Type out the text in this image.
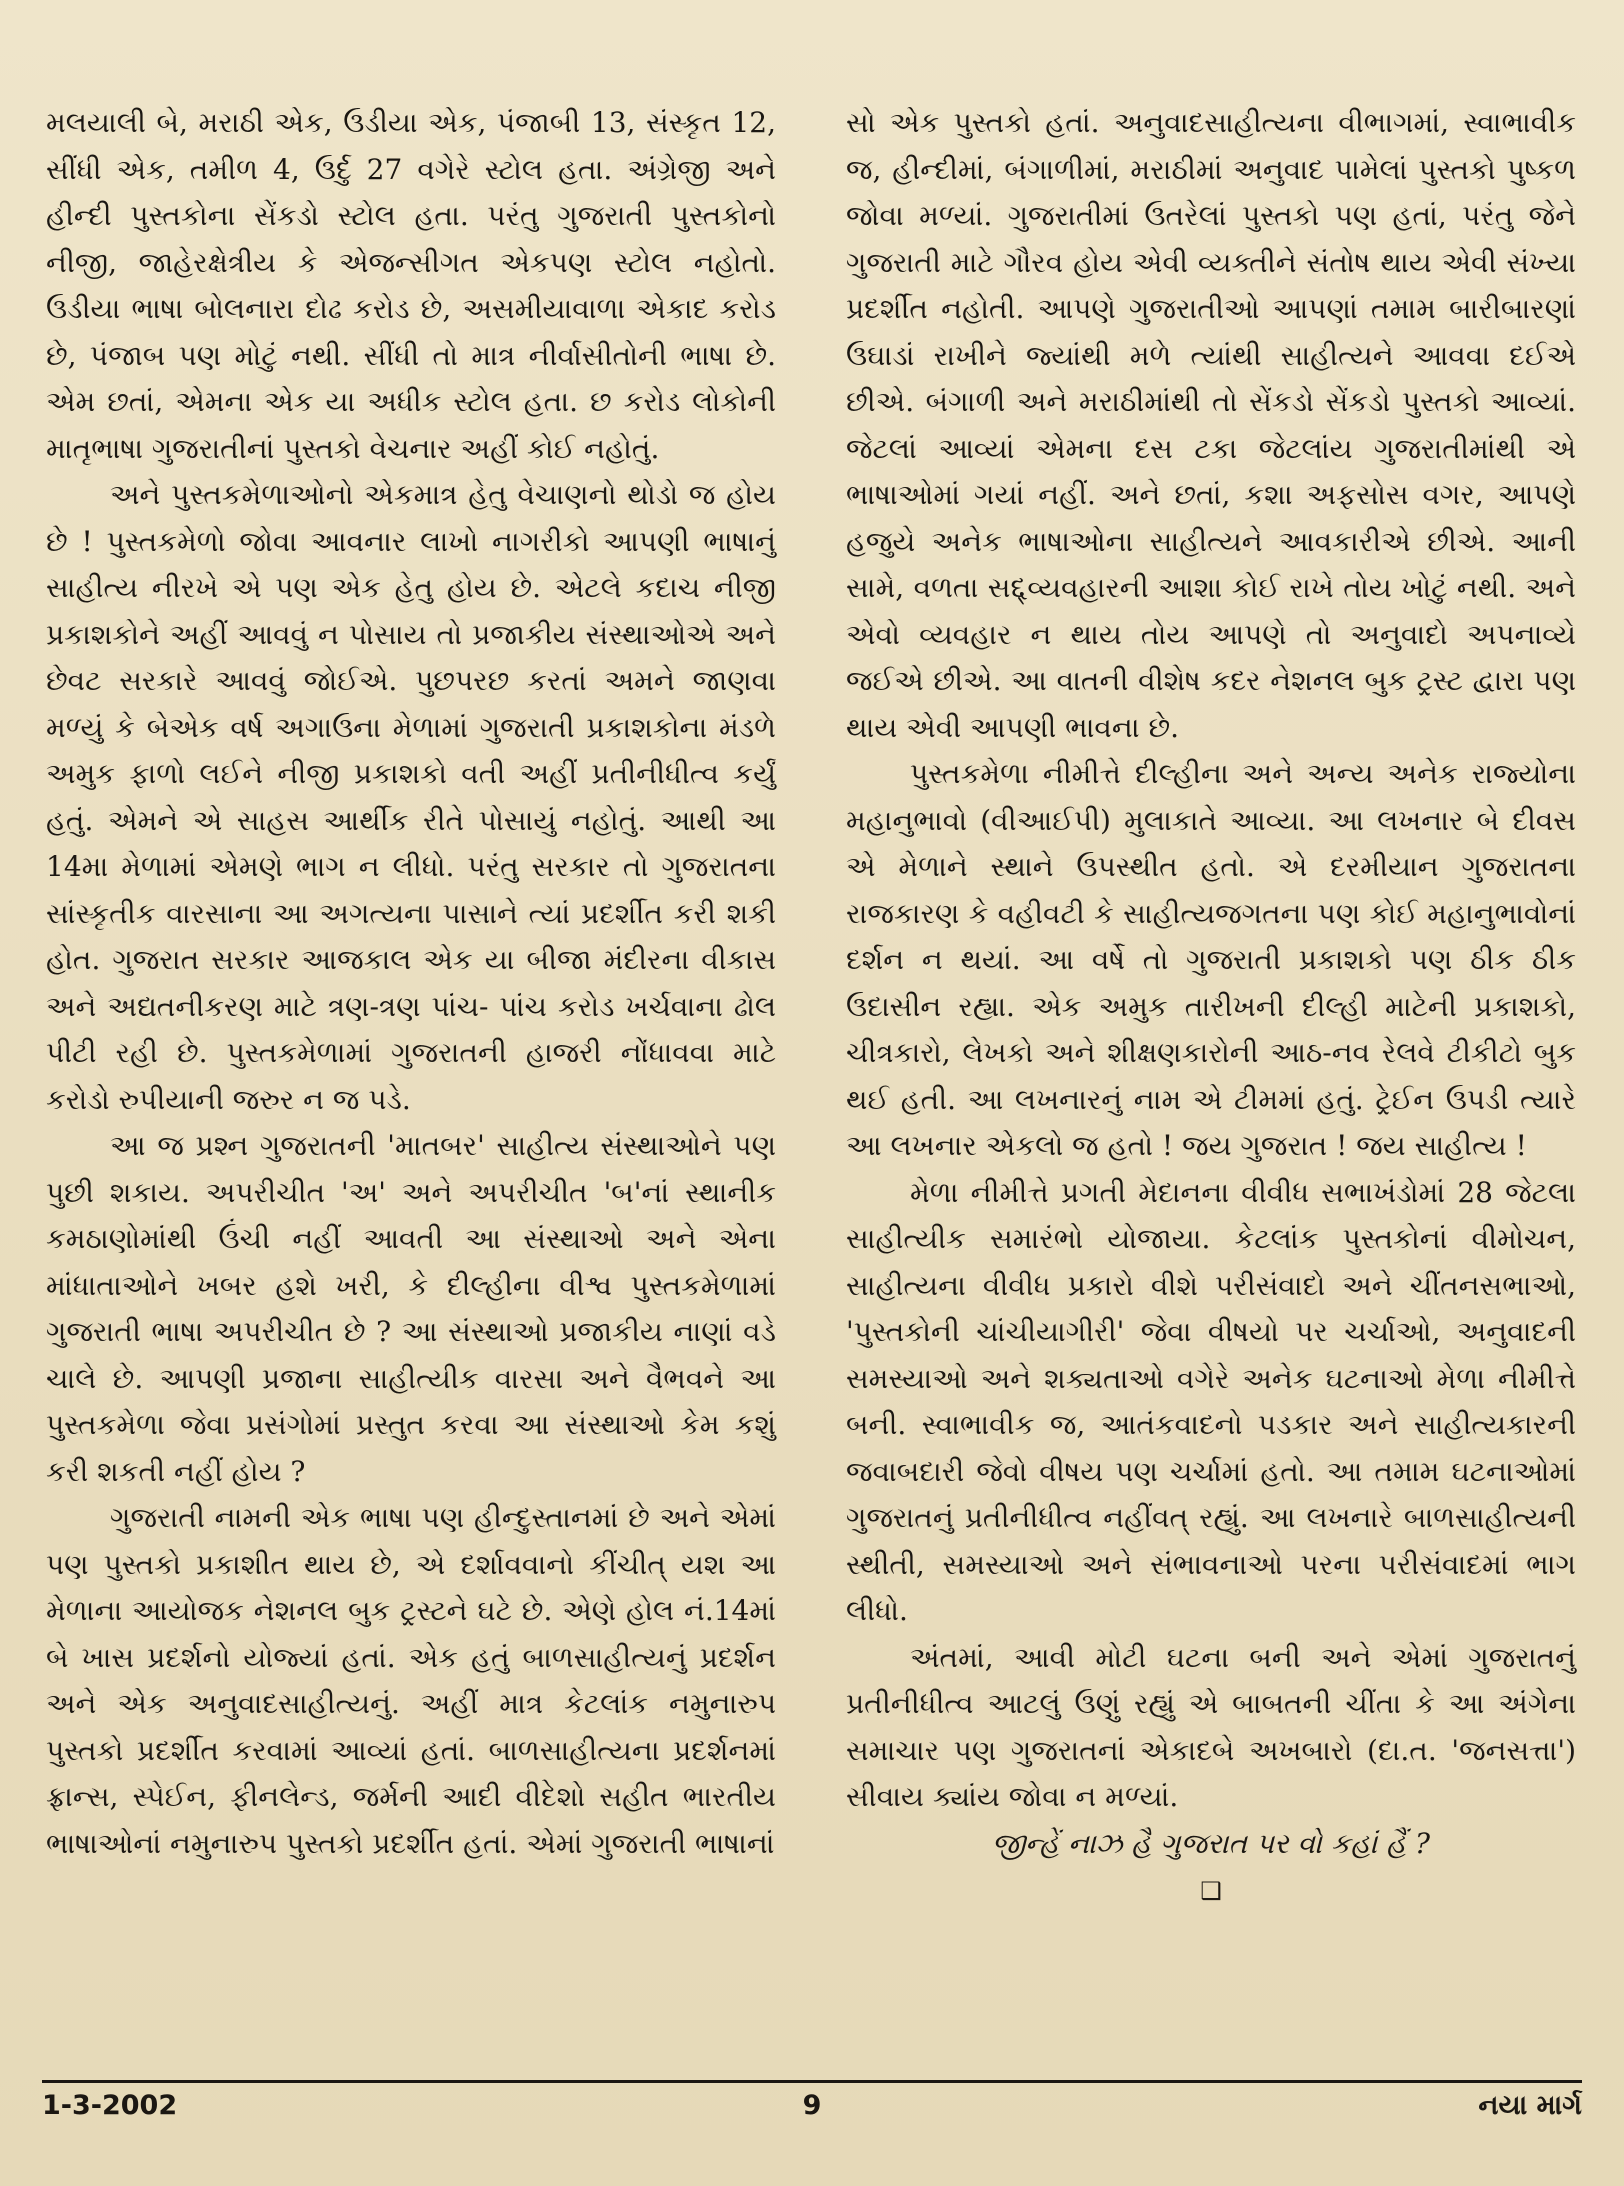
મલયાલી બે, મરાઠી એક, ઉડીયા એક, પંજાબી 13, સંસ્કૃત 12, સીંધી એક, તમીળ 4, ઉર્દુ 27 વગેરે સ્ટોલ હતા. અંગ્રેજી અને હીન્દી પુસ્તકોના સેંકડો સ્ટોલ હતા. પરંતુ ગુજરાતી પુસ્તકોનો નીજી, જાહેરક્ષેત્રીય કે એજન્સીગત એકપણ સ્ટોલ નહોતો. ઉડીયા ભાષા બોલનારા દોઢ કરોડ છે, અસમીયાવાળા એકાદ કરોડ છે, પંજાબ પણ મોટું નથી. સીંધી તો માત્ર નીર્વાસીતોની ભાષા છે. એમ છતાં, એમના એક યા અધીક સ્ટોલ હતા. છ કરોડ લોકોની માતૃભાષા ગુજરાતીનાં પુસ્તકો વેચનાર અહીં કોઈ નહોતું.

અને પુસ્તકમેળાઓનો એકમાત્ર હેતુ વેચાણનો થોડો જ હોય છે ! પુસ્તકમેળો જોવા આવનાર લાખો નાગરીકો આપણી ભાષાનું સાહીત્ય નીરખે એ પણ એક હેતુ હોય છે. એટલે કદાચ નીજી પ્રકાશકોને અહીં આવવું ન પોસાય તો પ્રજાકીય સંસ્થાઓએ અને છેવટ સરકારે આવવું જોઈએ. પુછપરછ કરતાં અમને જાણવા મળ્યું કે બેએક વર્ષ અગાઉના મેળામાં ગુજરાતી પ્રકાશકોના મંડળે અમુક ફાળો લઈને નીજી પ્રકાશકો વતી અહીં પ્રતીનીધીત્વ કર્યું હતું. એમને એ સાહસ આર્થીક રીતે પોસાયું નહોતું. આથી આ 14મા મેળામાં એમણે ભાગ ન લીધો. પરંતુ સરકાર તો ગુજરાતના સાંસ્કૃતીક વારસાના આ અગત્યના પાસાને ત્યાં પ્રદર્શીત કરી શકી હોત. ગુજરાત સરકાર આજકાલ એક યા બીજા મંદીરના વીકાસ અને અદ્યતનીકરણ માટે ત્રણ-ત્રણ પાંચ- પાંચ કરોડ ખર્ચવાના ઢોલ પીટી રહી છે. પુસ્તકમેળામાં ગુજરાતની હાજરી નોંધાવવા માટે કરોડો રુપીયાની જરુર ન જ પડે.

આ જ પ્રશ્ન ગુજરાતની 'માતબર' સાહીત્ય સંસ્થાઓને પણ પુછી શકાય. અપરીચીત 'અ' અને અપરીચીત 'બ'નાં સ્થાનીક કમઠાણોમાંથી ઉંચી નહીં આવતી આ સંસ્થાઓ અને એના માંધાતાઓને ખબર હશે ખરી, કે દીલ્હીના વીશ્વ પુસ્તકમેળામાં ગુજરાતી ભાષા અપરીચીત છે ? આ સંસ્થાઓ પ્રજાકીય નાણાં વડે ચાલે છે. આપણી પ્રજાના સાહીત્યીક વારસા અને વૈભવને આ પુસ્તકમેળા જેવા પ્રસંગોમાં પ્રસ્તુત કરવા આ સંસ્થાઓ કેમ કશું કરી શકતી નહીં હોય ?

ગુજરાતી નામની એક ભાષા પણ હીન્દુસ્તાનમાં છે અને એમાં પણ પુસ્તકો પ્રકાશીત થાય છે, એ દર્શાવવાનો કીંચીત્ યશ આ મેળાના આયોજક નેશનલ બુક ટ્રસ્ટને ઘટે છે. એણે હોલ નં.14માં બે ખાસ પ્રદર્શનો યોજ્યાં હતાં. એક હતું બાળસાહીત્યનું પ્રદર્શન અને એક અનુવાદસાહીત્યનું. અહીં માત્ર કેટલાંક નમુનારુપ પુસ્તકો પ્રદર્શીત કરવામાં આવ્યાં હતાં. બાળસાહીત્યના પ્રદર્શનમાં ફ્રાન્સ, સ્પેઈન, ફીનલેન્ડ, જર્મની આદી વીદેશો સહીત ભારતીય ભાષાઓનાં નમુનારુપ પુસ્તકો પ્રદર્શીત હતાં. એમાં ગુજરાતી ભાષાનાં

સો એક પુસ્તકો હતાં. અનુવાદસાહીત્યના વીભાગમાં, સ્વાભાવીક જ, હીન્દીમાં, બંગાળીમાં, મરાઠીમાં અનુવાદ પામેલાં પુસ્તકો પુષ્કળ જોવા મળ્યાં. ગુજરાતીમાં ઉતરેલાં પુસ્તકો પણ હતાં, પરંતુ જેને ગુજરાતી માટે ગૌરવ હોય એવી વ્યક્તીને સંતોષ થાય એવી સંખ્યા પ્રદર્શીત નહોતી. આપણે ગુજરાતીઓ આપણાં તમામ બારીબારણાં ઉઘાડાં રાખીને જ્યાંથી મળે ત્યાંથી સાહીત્યને આવવા દઈએ છીએ. બંગાળી અને મરાઠીમાંથી તો સેંકડો સેંકડો પુસ્તકો આવ્યાં. જેટલાં આવ્યાં એમના દસ ટકા જેટલાંય ગુજરાતીમાંથી એ ભાષાઓમાં ગયાં નહીં. અને છતાં, કશા અફસોસ વગર, આપણે હજુયે અનેક ભાષાઓના સાહીત્યને આવકારીએ છીએ. આની સામે, વળતા સદ્દ્વ્યવહારની આશા કોઈ રાખે તોય ખોટું નથી. અને એવો વ્યવહાર ન થાય તોય આપણે તો અનુવાદો અપનાવ્યે જઈએ છીએ. આ વાતની વીશેષ કદર નેશનલ બુક ટ્રસ્ટ દ્વારા પણ થાય એવી આપણી ભાવના છે.

પુસ્તકમેળા નીમીત્તે દીલ્હીના અને અન્ય અનેક રાજ્યોના મહાનુભાવો (વીઆઈપી) મુલાકાતે આવ્યા. આ લખનાર બે દીવસ એ મેળાને સ્થાને ઉપસ્થીત હતો. એ દરમીયાન ગુજરાતના રાજકારણ કે વહીવટી કે સાહીત્યજગતના પણ કોઈ મહાનુભાવોનાં દર્શન ન થયાં. આ વર્ષે તો ગુજરાતી પ્રકાશકો પણ ઠીક ઠીક ઉદાસીન રહ્યા. એક અમુક તારીખની દીલ્હી માટેની પ્રકાશકો, ચીત્રકારો, લેખકો અને શીક્ષણકારોની આઠ-નવ રેલવે ટીકીટો બુક થઈ હતી. આ લખનારનું નામ એ ટીમમાં હતું. ટ્રેઈન ઉપડી ત્યારે આ લખનાર એકલો જ હતો ! જય ગુજરાત ! જય સાહીત્ય !

મેળા નીમીત્તે પ્રગતી મેદાનના વીવીધ સભાખંડોમાં 28 જેટલા સાહીત્યીક સમારંભો યોજાયા. કેટલાંક પુસ્તકોનાં વીમોચન, સાહીત્યના વીવીધ પ્રકારો વીશે પરીસંવાદો અને ચીંતનસભાઓ, 'પુસ્તકોની ચાંચીયાગીરી' જેવા વીષયો પર ચર્ચાઓ, અનુવાદની સમસ્યાઓ અને શક્યતાઓ વગેરે અનેક ઘટનાઓ મેળા નીમીત્તે બની. સ્વાભાવીક જ, આતંકવાદનો પડકાર અને સાહીત્યકારની જવાબદારી જેવો વીષય પણ ચર્ચામાં હતો. આ તમામ ઘટનાઓમાં ગુજરાતનું પ્રતીનીધીત્વ નહીંવત્ રહ્યું. આ લખનારે બાળસાહીત્યની સ્થીતી, સમસ્યાઓ અને સંભાવનાઓ પરના પરીસંવાદમાં ભાગ લીધો.

અંતમાં, આવી મોટી ઘટના બની અને એમાં ગુજરાતનું પ્રતીનીધીત્વ આટલું ઉણું રહ્યું એ બાબતની ચીંતા કે આ અંગેના સમાચાર પણ ગુજરાતનાં એકાદબે અખબારો (દા.ત. 'જનસત્તા') સીવાય ક્યાંય જોવા ન મળ્યાં.

જીન્હેં નાઝ હૈ ગુજરાત પર વો કહાં હૈં ?

❑
1-3-2002	9	નયા માર્ગ
